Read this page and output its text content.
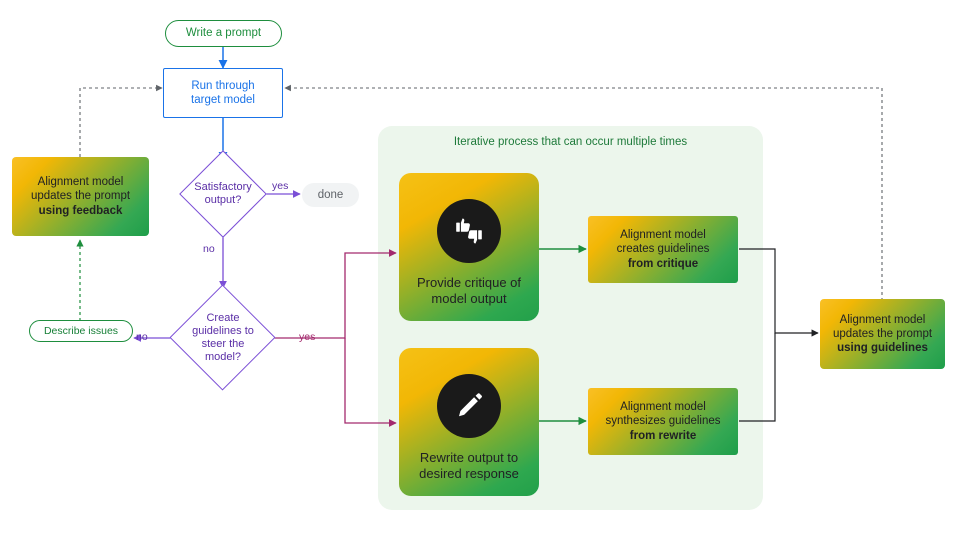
Iterative process that can occur multiple times
Write a prompt
Run through
target model
Satisfactory
output?
yes
no
done
Create
guidelines to
steer the
model?
no	yes
Describe issues
Alignment model
updates the prompt
using feedback
Provide critique of
model output
Rewrite output to
desired response
Alignment model
creates guidelines
from critique
Alignment model
synthesizes guidelines
from rewrite
Alignment model
updates the prompt
using guidelines
